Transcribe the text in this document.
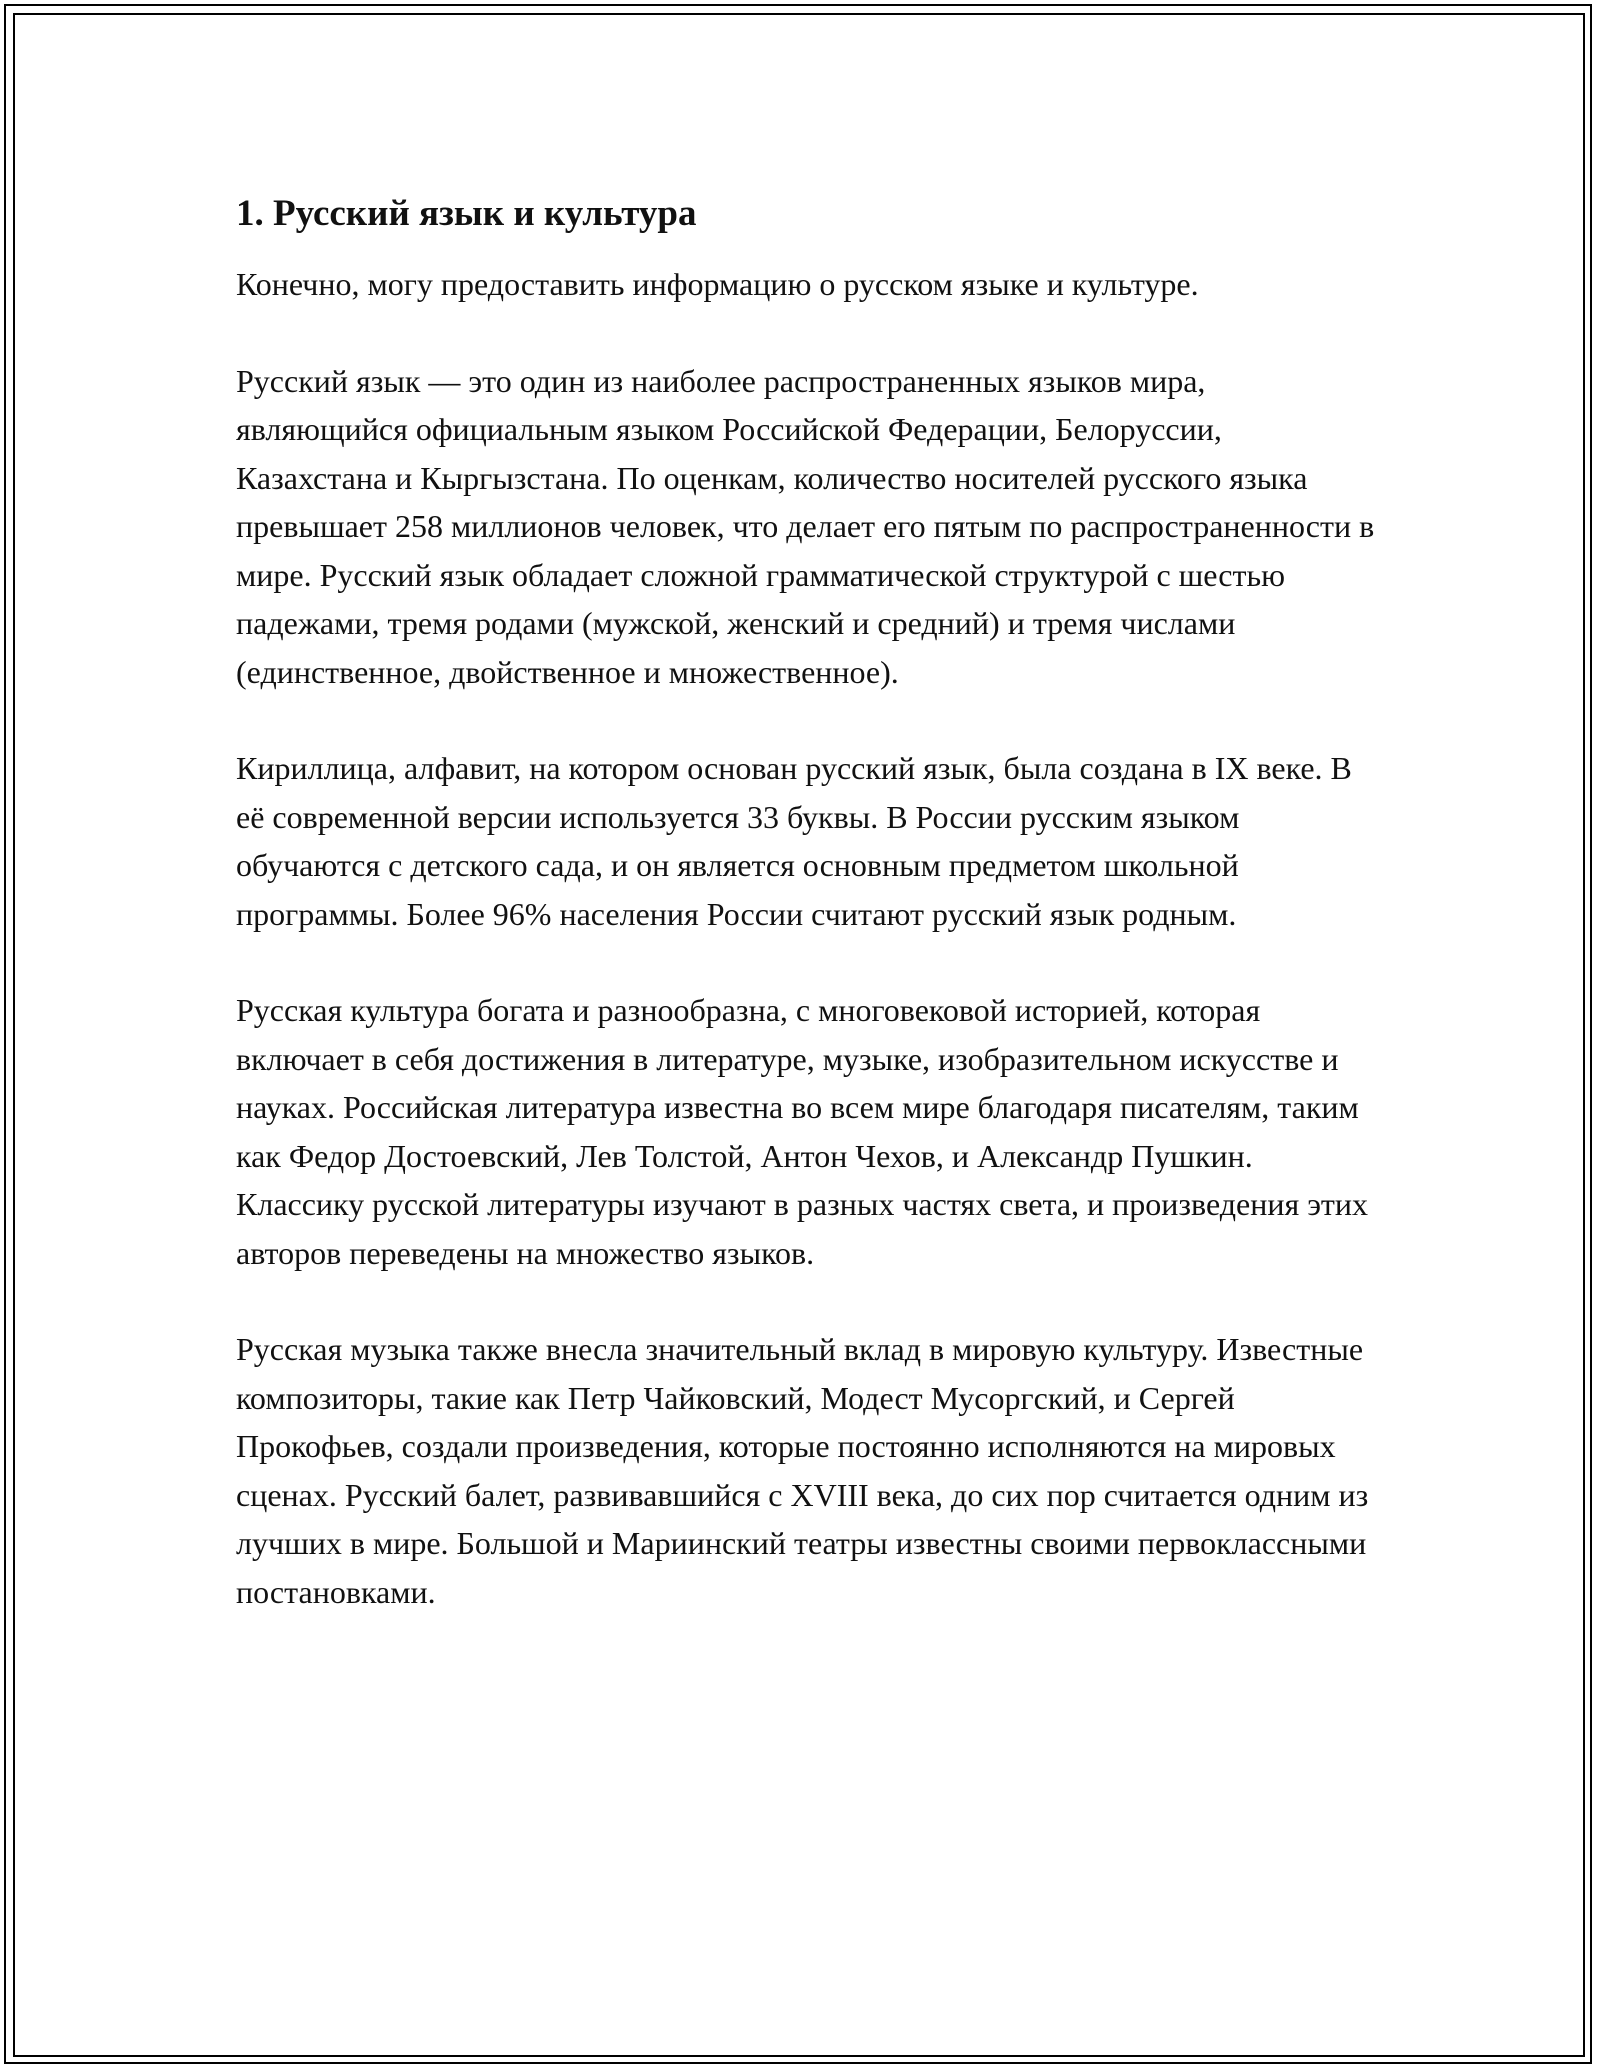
1. Русский язык и культура

Конечно, могу предоставить информацию о русском языке и культуре.

Русский язык — это один из наиболее распространенных языков мира, являющийся официальным языком Российской Федерации, Белоруссии, Казахстана и Кыргызстана. По оценкам, количество носителей русского языка превышает 258 миллионов человек, что делает его пятым по распространенности в мире. Русский язык обладает сложной грамматической структурой с шестью падежами, тремя родами (мужской, женский и средний) и тремя числами (единственное, двойственное и множественное).

Кириллица, алфавит, на котором основан русский язык, была создана в IX веке. В её современной версии используется 33 буквы. В России русским языком обучаются с детского сада, и он является основным предметом школьной программы. Более 96% населения России считают русский язык родным.

Русская культура богата и разнообразна, с многовековой историей, которая включает в себя достижения в литературе, музыке, изобразительном искусстве и науках. Российская литература известна во всем мире благодаря писателям, таким как Федор Достоевский, Лев Толстой, Антон Чехов, и Александр Пушкин. Классику русской литературы изучают в разных частях света, и произведения этих авторов переведены на множество языков.

Русская музыка также внесла значительный вклад в мировую культуру. Известные композиторы, такие как Петр Чайковский, Модест Мусоргский, и Сергей Прокофьев, создали произведения, которые постоянно исполняются на мировых сценах. Русский балет, развивавшийся с XVIII века, до сих пор считается одним из лучших в мире. Большой и Мариинский театры известны своими первоклассными постановками.
